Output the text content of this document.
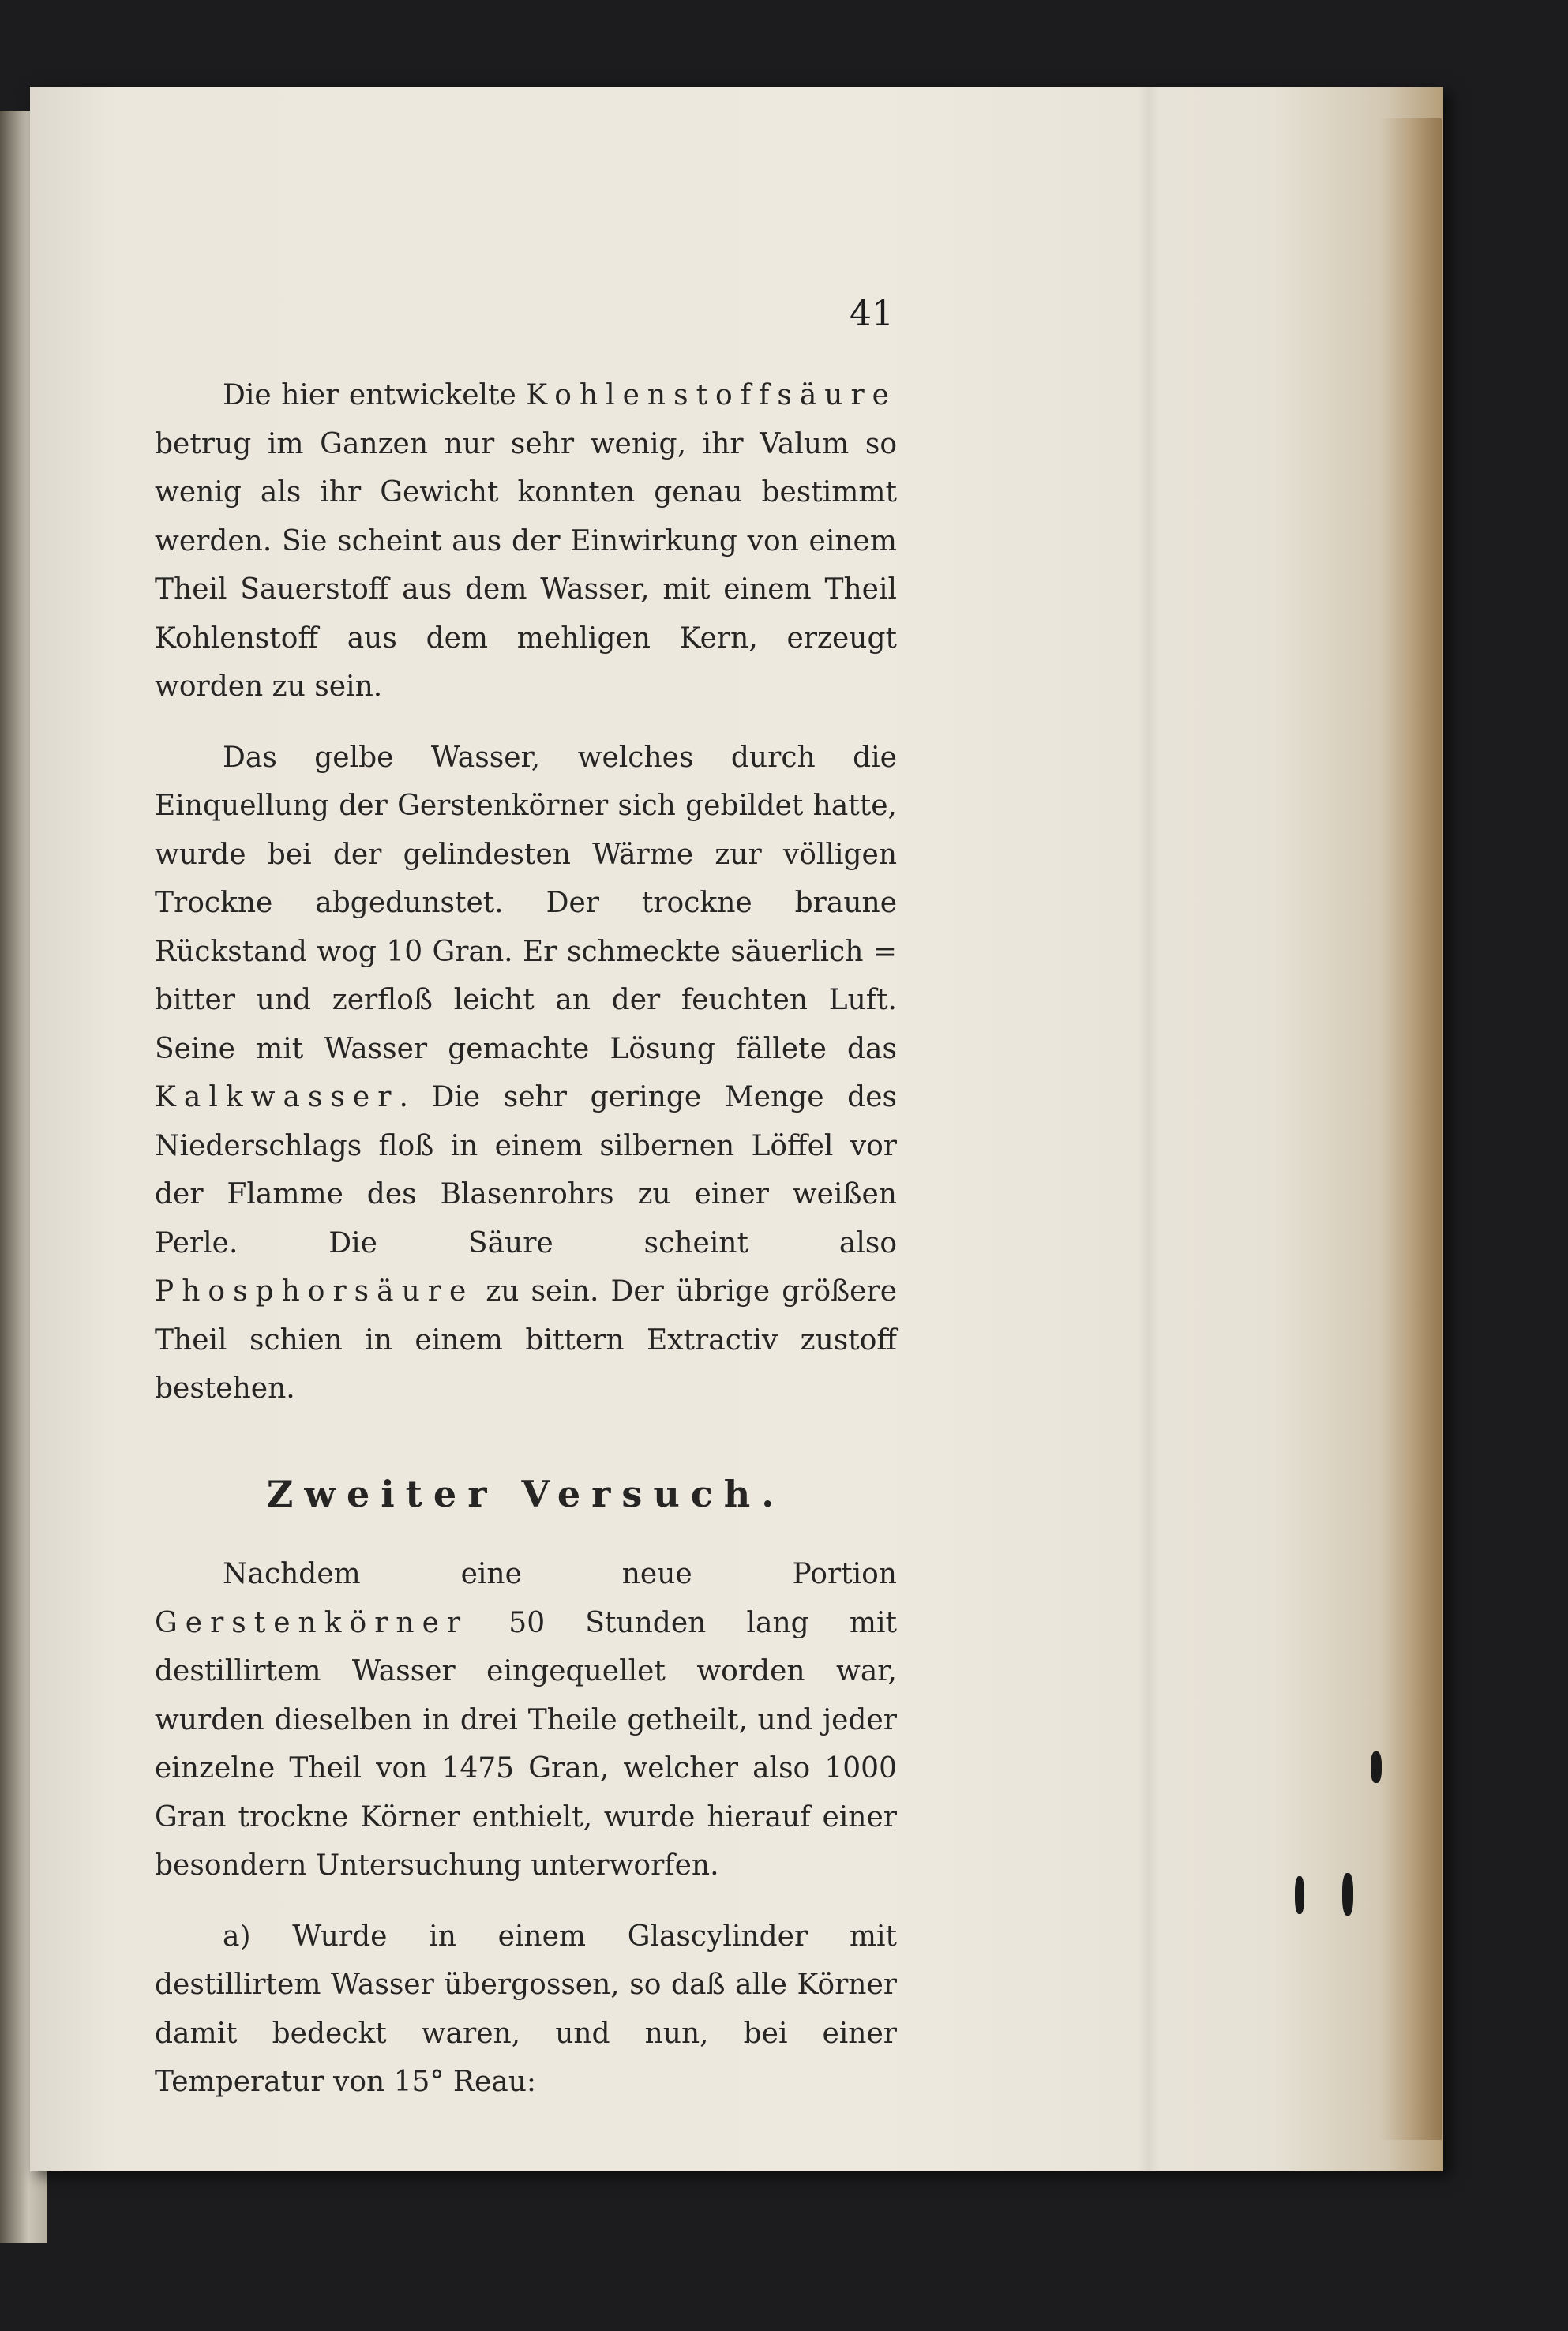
41

Die hier entwickelte Kohlenstoffsäure betrug im Ganzen nur sehr wenig, ihr Valum so wenig als ihr Gewicht konnten genau bestimmt werden. Sie scheint aus der Einwirkung von einem Theil Sauerstoff aus dem Wasser, mit einem Theil Kohlenstoff aus dem mehligen Kern, erzeugt worden zu sein.

Das gelbe Wasser, welches durch die Einquellung der Gerstenkörner sich gebildet hatte, wurde bei der gelindesten Wärme zur völligen Trockne abgedunstet. Der trockne braune Rückstand wog 10 Gran. Er schmeckte säuerlich = bitter und zerfloß leicht an der feuchten Luft. Seine mit Wasser gemachte Lösung fällete das Kalkwasser. Die sehr geringe Menge des Niederschlags floß in einem silbernen Löffel vor der Flamme des Blasenrohrs zu einer weißen Perle. Die Säure scheint also Phosphorsäure zu sein. Der übrige größere Theil schien in einem bittern Extractiv zustoff bestehen.

Zweiter Versuch.

Nachdem eine neue Portion Gerstenkörner 50 Stunden lang mit destillirtem Wasser eingequellet worden war, wurden dieselben in drei Theile getheilt, und jeder einzelne Theil von 1475 Gran, welcher also 1000 Gran trockne Körner enthielt, wurde hierauf einer besondern Untersuchung unterworfen.

a) Wurde in einem Glascylinder mit destillirtem Wasser übergossen, so daß alle Körner damit bedeckt waren, und nun, bei einer Temperatur von 15° Reau:
